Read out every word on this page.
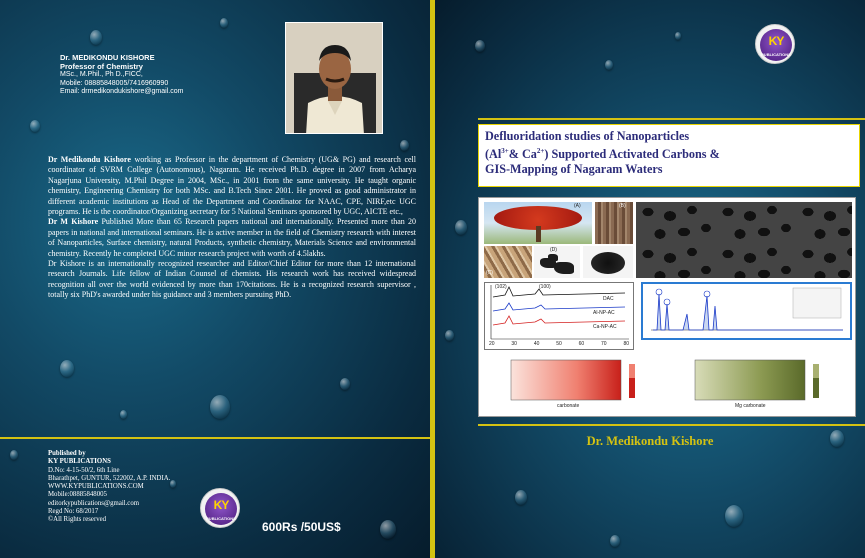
Dr. MEDIKONDU KISHORE
Professor of Chemistry
MSc., M.Phil., Ph D.,FICC,
Mobile: 08885848005/7416960990
Email: drmedikondukishore@gmail.com

Dr Medikondu Kishore working as Professor in the department of Chemistry (UG& PG) and research cell coordinator of SVRM College (Autonomous), Nagaram. He received Ph.D. degree in 2007 from Acharya Nagarjuna University, M.Phil Degree in 2004, MSc., in 2001 from the same university. He taught organic chemistry, Engineering Chemistry for both MSc. and B.Tech Since 2001. He proved as good administrator in different academic institutions as Head of the Department and Coordinator for NAAC, CPE, NIRF,etc UGC programs. He is the coordinator/Organizing secretary for 5 National Seminars sponsored by UGC, AICTE etc.,

Dr M Kishore Published More than 65 Research papers national and internationally. Presented more than 20 papers in national and international seminars. He is active member in the field of Chemistry research with interest of Nanoparticles, Surface chemistry, natural Products, synthetic chemistry, Materials Science and environmental chemistry. Recently he completed UGC minor research project with worth of 4.5lakhs.

Dr Kishore is an internationally recognized researcher and Editor/Chief Editor for more than 12 international research Journals. Life fellow of Indian Counsel of chemists. His research work has received widespread recognition all over the world evidenced by more than 170citations. He is a recognized research supervisor , totally six PhD's awarded under his guidance and 3 members pursuing PhD.

Published by
KY PUBLICATIONS
D.No: 4-15-50/2, 6th Line
Bharathpet, GUNTUR, 522002, A.P. INDIA.
WWW.KYPUBLICATIONS.COM
Mobile:08885848005
editorkypublications@gmail.com
Regd No: 68/2017
©All Rights reserved
KY
PUBLICATIONS
600Rs /50US$
KY
PUBLICATIONS
Defluoridation studies of Nanoparticles
($Al^{3+}\&$ $Ca^{2+}$) Supported Activated Carbons &
GIS-Mapping of Nagaram Waters
(A)	(B)
(C)
(D)
(102)	(100)
DAC
Al-NP-AC
Ca-NP-AC
20	30	40	50	60	70	80
carbonate	Mg carbonate
Dr. Medikondu Kishore
